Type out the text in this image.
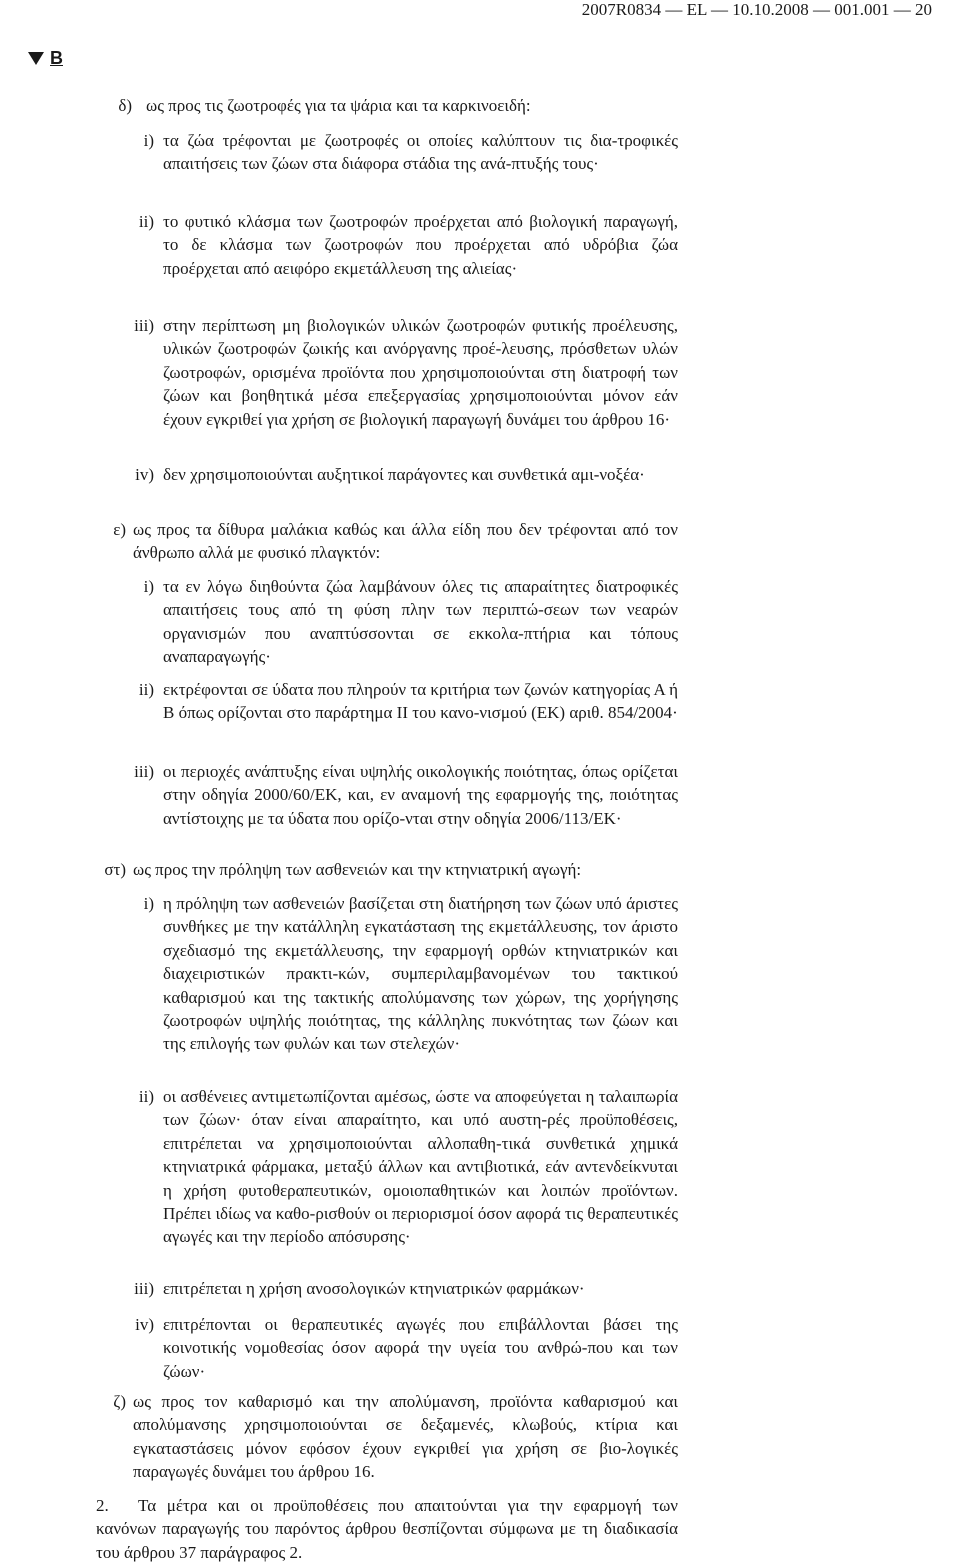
2007R0834 — EL — 10.10.2008 — 001.001 — 20
B
δ) ως προς τις ζωοτροφές για τα ψάρια και τα καρκινοειδή:
i) τα ζώα τρέφονται με ζωοτροφές οι οποίες καλύπτουν τις δια-τροφικές απαιτήσεις των ζώων στα διάφορα στάδια της ανά-πτυξής τους·
ii) το φυτικό κλάσμα των ζωοτροφών προέρχεται από βιολογική παραγωγή, το δε κλάσμα των ζωοτροφών που προέρχεται από υδρόβια ζώα προέρχεται από αειφόρο εκμετάλλευση της αλιείας·
iii) στην περίπτωση μη βιολογικών υλικών ζωοτροφών φυτικής προέλευσης, υλικών ζωοτροφών ζωικής και ανόργανης προέ-λευσης, πρόσθετων υλών ζωοτροφών, ορισμένα προϊόντα που χρησιμοποιούνται στη διατροφή των ζώων και βοηθητικά μέσα επεξεργασίας χρησιμοποιούνται μόνον εάν έχουν εγκριθεί για χρήση σε βιολογική παραγωγή δυνάμει του άρθρου 16·
iv) δεν χρησιμοποιούνται αυξητικοί παράγοντες και συνθετικά αμι-νοξέα·
ε) ως προς τα δίθυρα μαλάκια καθώς και άλλα είδη που δεν τρέφονται από τον άνθρωπο αλλά με φυσικό πλαγκτόν:
i) τα εν λόγω διηθούντα ζώα λαμβάνουν όλες τις απαραίτητες διατροφικές απαιτήσεις τους από τη φύση πλην των περιπτώ-σεων των νεαρών οργανισμών που αναπτύσσονται σε εκκολα-πτήρια και τόπους αναπαραγωγής·
ii) εκτρέφονται σε ύδατα που πληρούν τα κριτήρια των ζωνών κατηγορίας Α ή Β όπως ορίζονται στο παράρτημα II του κανο-νισμού (ΕΚ) αριθ. 854/2004·
iii) οι περιοχές ανάπτυξης είναι υψηλής οικολογικής ποιότητας, όπως ορίζεται στην οδηγία 2000/60/ΕΚ, και, εν αναμονή της εφαρμογής της, ποιότητας αντίστοιχης με τα ύδατα που ορίζο-νται στην οδηγία 2006/113/ΕΚ·
στ) ως προς την πρόληψη των ασθενειών και την κτηνιατρική αγωγή:
i) η πρόληψη των ασθενειών βασίζεται στη διατήρηση των ζώων υπό άριστες συνθήκες με την κατάλληλη εγκατάσταση της εκμετάλλευσης, τον άριστο σχεδιασμό της εκμετάλλευσης, την εφαρμογή ορθών κτηνιατρικών και διαχειριστικών πρακτι-κών, συμπεριλαμβανομένων του τακτικού καθαρισμού και της τακτικής απολύμανσης των χώρων, της χορήγησης ζωοτροφών υψηλής ποιότητας, της κάλληλης πυκνότητας των ζώων και της επιλογής των φυλών και των στελεχών·
ii) οι ασθένειες αντιμετωπίζονται αμέσως, ώστε να αποφεύγεται η ταλαιπωρία των ζώων· όταν είναι απαραίτητο, και υπό αυστη-ρές προϋποθέσεις, επιτρέπεται να χρησιμοποιούνται αλλοπαθη-τικά συνθετικά χημικά κτηνιατρικά φάρμακα, μεταξύ άλλων και αντιβιοτικά, εάν αντενδείκνυται η χρήση φυτοθεραπευτικών, ομοιοπαθητικών και λοιπών προϊόντων. Πρέπει ιδίως να καθο-ρισθούν οι περιορισμοί όσον αφορά τις θεραπευτικές αγωγές και την περίοδο απόσυρσης·
iii) επιτρέπεται η χρήση ανοσολογικών κτηνιατρικών φαρμάκων·
iv) επιτρέπονται οι θεραπευτικές αγωγές που επιβάλλονται βάσει της κοινοτικής νομοθεσίας όσον αφορά την υγεία του ανθρώ-που και των ζώων·
ζ) ως προς τον καθαρισμό και την απολύμανση, προϊόντα καθαρισμού και απολύμανσης χρησιμοποιούνται σε δεξαμενές, κλωβούς, κτίρια και εγκαταστάσεις μόνον εφόσον έχουν εγκριθεί για χρήση σε βιο-λογικές παραγωγές δυνάμει του άρθρου 16.
2. Τα μέτρα και οι προϋποθέσεις που απαιτούνται για την εφαρμογή των κανόνων παραγωγής του παρόντος άρθρου θεσπίζονται σύμφωνα με τη διαδικασία του άρθρου 37 παράγραφος 2.
